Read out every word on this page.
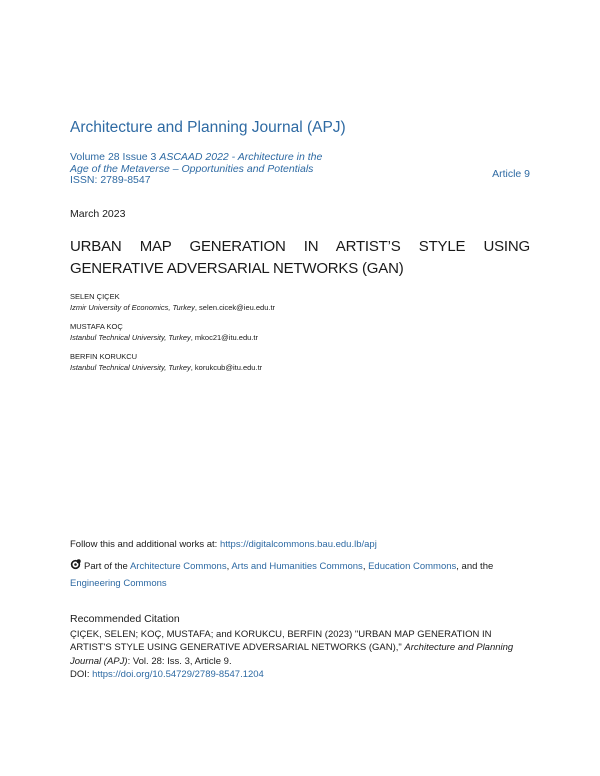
Architecture and Planning Journal (APJ)
Volume 28 Issue 3 ASCAAD 2022 - Architecture in the Age of the Metaverse – Opportunities and Potentials
ISSN: 2789-8547	Article 9
March 2023
URBAN MAP GENERATION IN ARTIST’S STYLE USING GENERATIVE ADVERSARIAL NETWORKS (GAN)
SELEN ÇIÇEK
Izmir University of Economics, Turkey, selen.cicek@ieu.edu.tr
MUSTAFA KOÇ
Istanbul Technical University, Turkey, mkoc21@itu.edu.tr
BERFIN KORUKCU
Istanbul Technical University, Turkey, korukcub@itu.edu.tr
Follow this and additional works at: https://digitalcommons.bau.edu.lb/apj
Part of the Architecture Commons, Arts and Humanities Commons, Education Commons, and the
Engineering Commons
Recommended Citation
ÇIÇEK, SELEN; KOÇ, MUSTAFA; and KORUKCU, BERFIN (2023) "URBAN MAP GENERATION IN ARTIST'S STYLE USING GENERATIVE ADVERSARIAL NETWORKS (GAN)," Architecture and Planning Journal (APJ): Vol. 28: Iss. 3, Article 9.
DOI: https://doi.org/10.54729/2789-8547.1204
